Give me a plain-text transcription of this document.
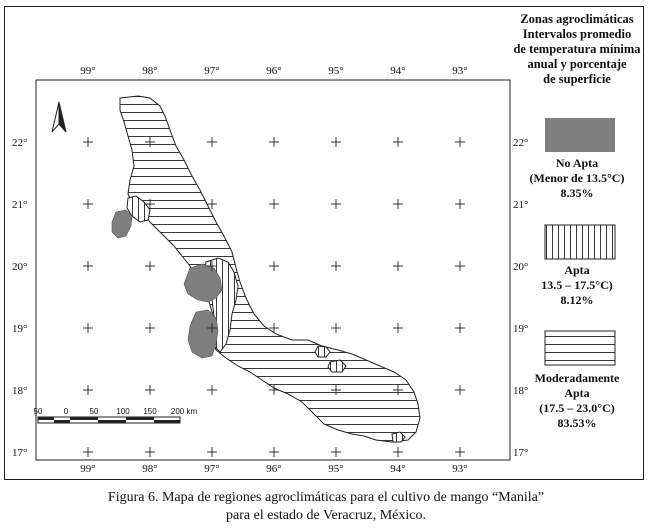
99°	98°	97°	96°	95°	94°	93°
99°	98°	97°	96°	95°	94°	93°
22°
21°
20°
19°
18°
17°
22°
21°
20°
19°
18°
17°
50	0	50 100 150 200 km
Zonas agroclimáticas
Intervalos promedio
de temperatura mínima
anual y porcentaje
de superficie
No Apta
(Menor de 13.5°C)
8.35%
Apta
13.5 – 17.5°C)
8.12%
Moderadamente
Apta
(17.5 – 23.0°C)
83.53%
Figura 6. Mapa de regiones agroclimáticas para el cultivo de mango “Manila”
para el estado de Veracruz, México.
